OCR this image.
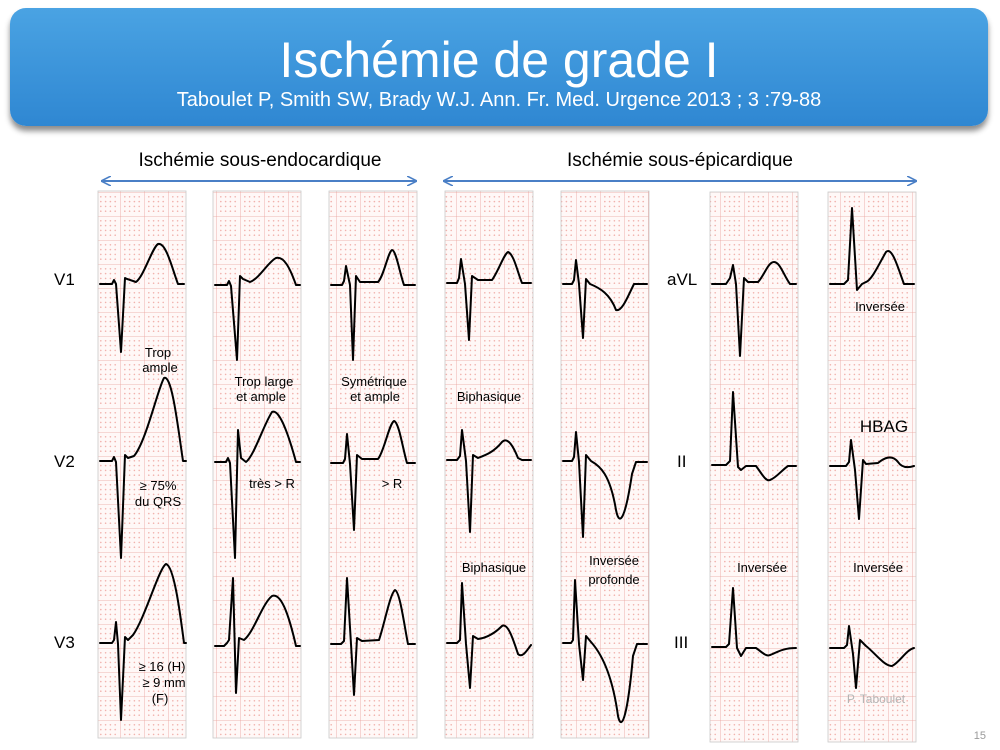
Ischémie de grade I
Taboulet P, Smith SW, Brady W.J. Ann. Fr. Med. Urgence 2013 ; 3 :79-88
Ischémie sous-endocardique	Ischémie sous-épicardique
V1
V2
V3
aVL
II
III
Trop
ample
≥ 75%
du QRS
≥ 16 (H)
≥ 9 mm
(F)
Trop large
et ample
très > R
Symétrique
et ample
> R
Biphasique
Biphasique	Inversée
profonde
Inversée
Inversée	Inversée
HBAG
P. Taboulet
15
